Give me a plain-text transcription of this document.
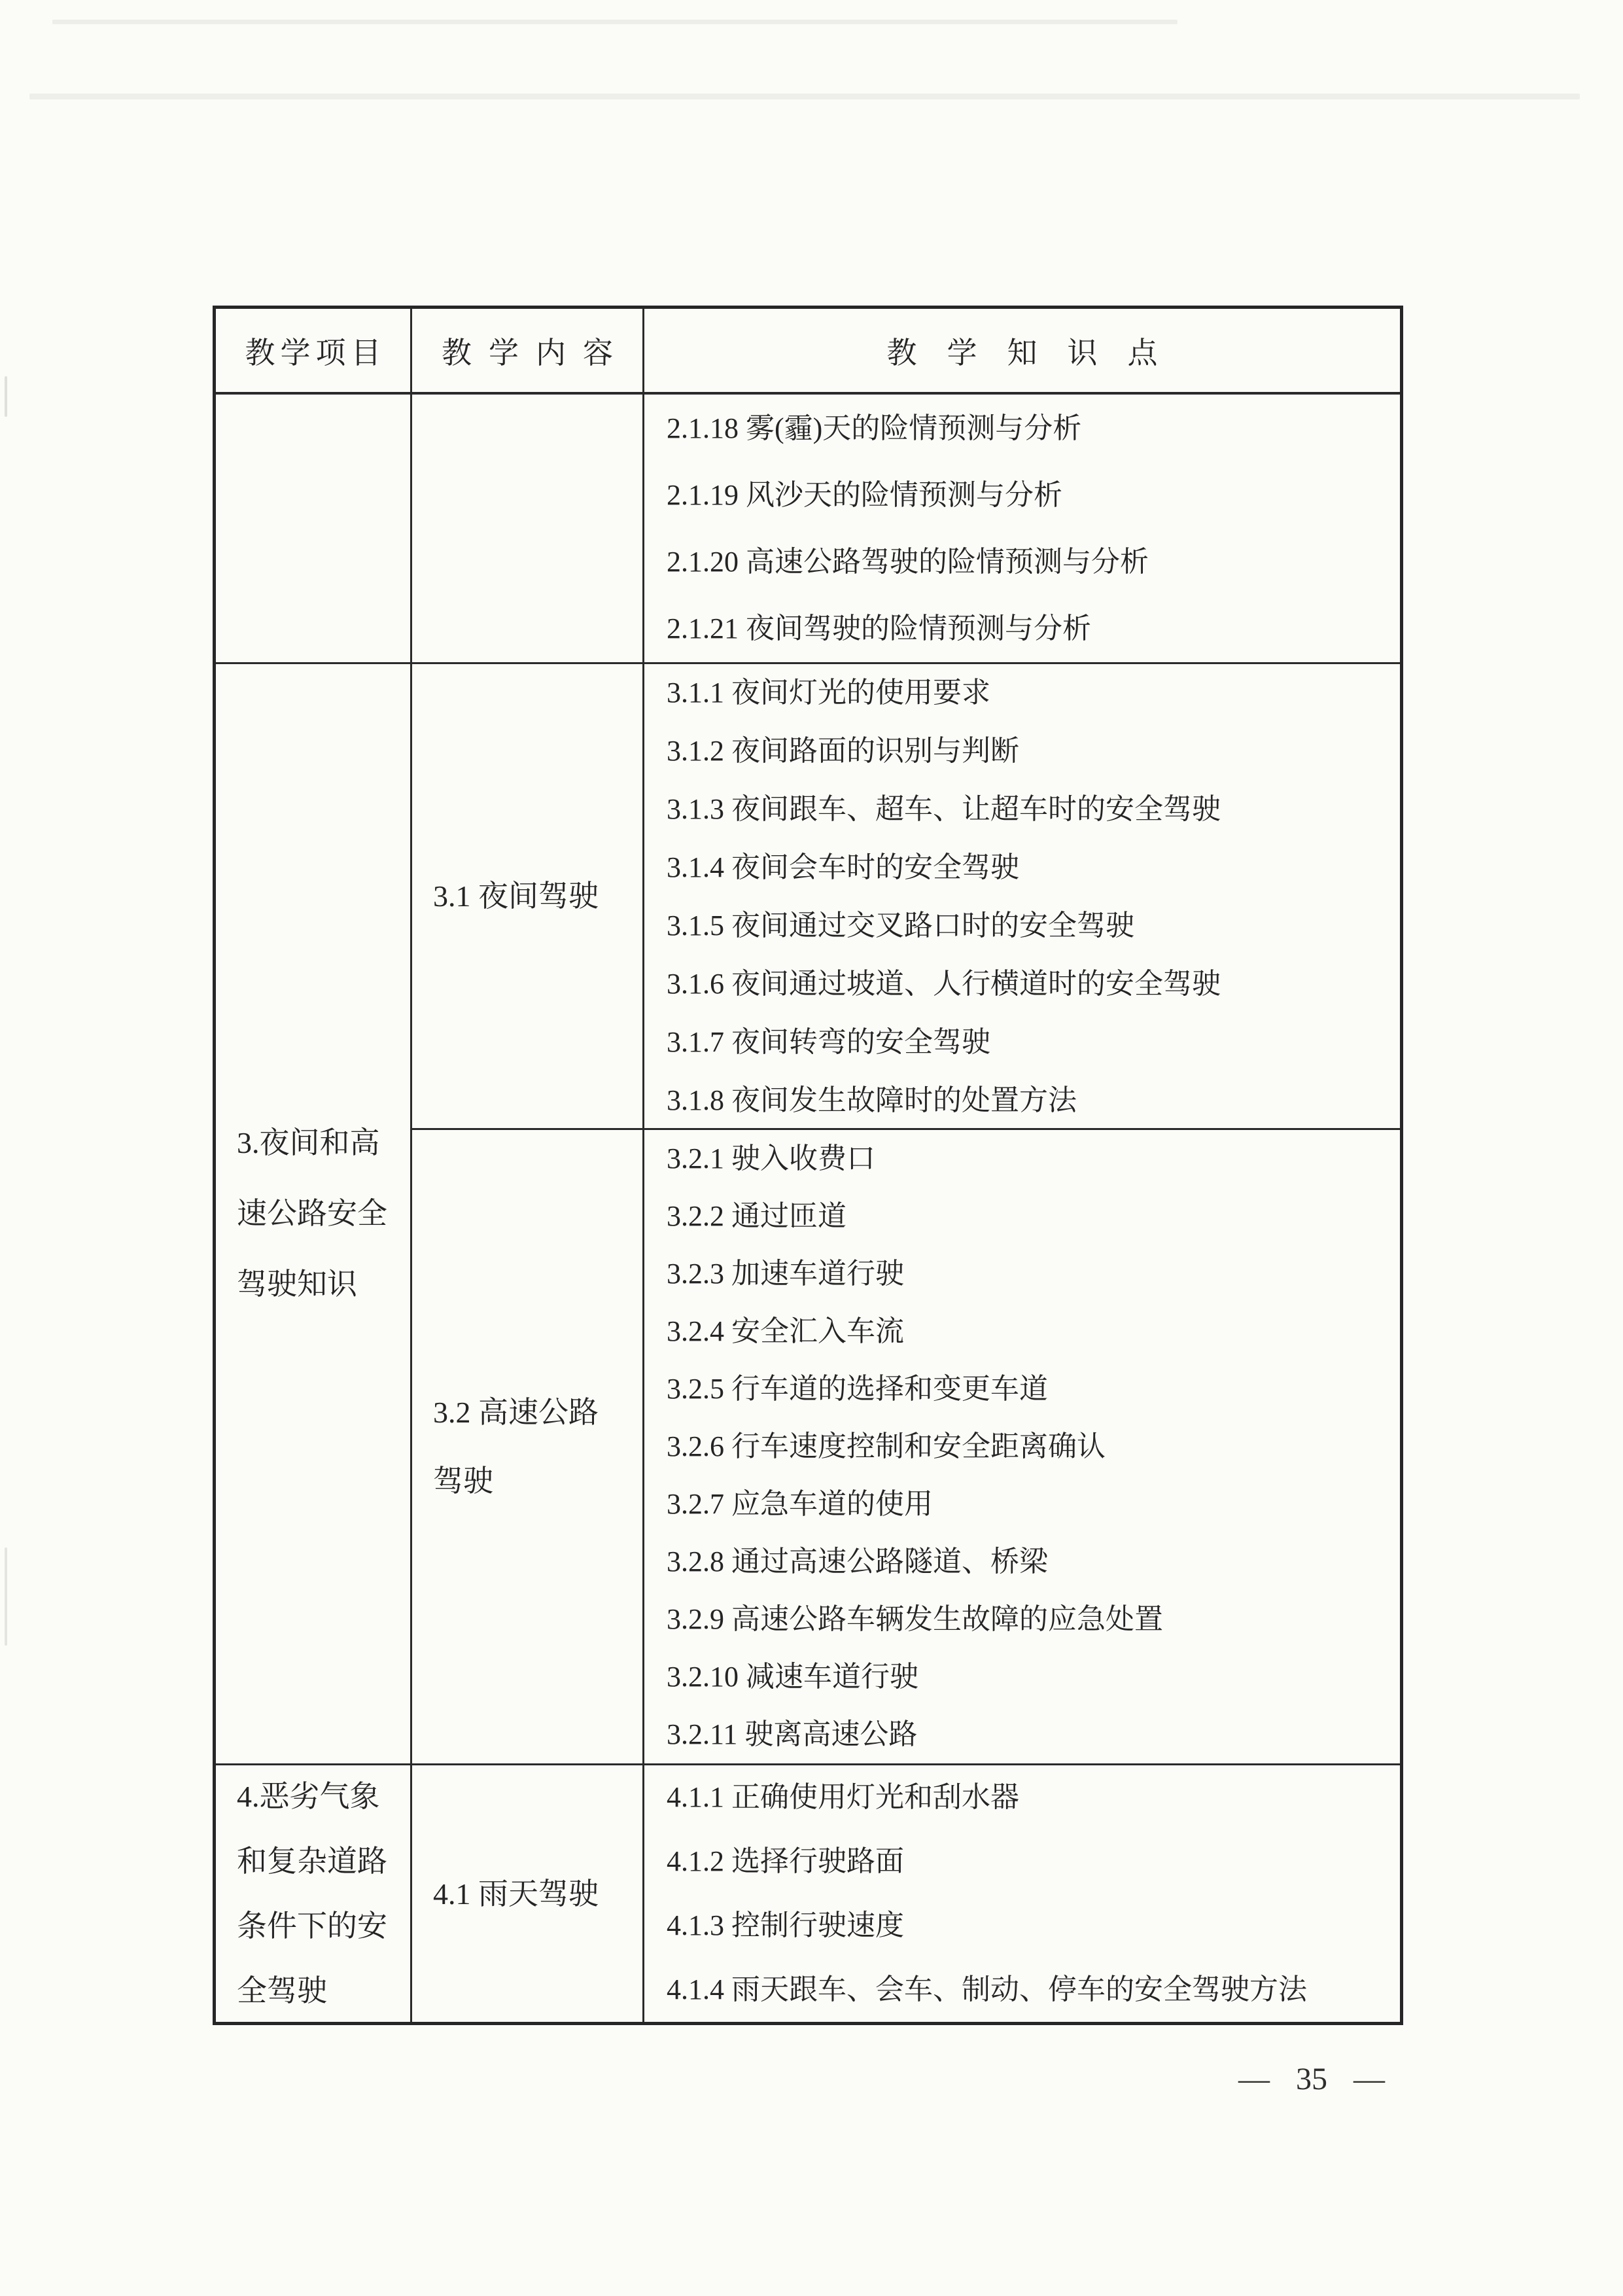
教学项目	教学内容	教学知识点
2.1.18 雾(霾)天的险情预测与分析
2.1.19 风沙天的险情预测与分析
2.1.20 高速公路驾驶的险情预测与分析
2.1.21 夜间驾驶的险情预测与分析
3.夜间和高
速公路安全
驾驶知识
3.1 夜间驾驶
3.1.1 夜间灯光的使用要求
3.1.2 夜间路面的识别与判断
3.1.3 夜间跟车、超车、让超车时的安全驾驶
3.1.4 夜间会车时的安全驾驶
3.1.5 夜间通过交叉路口时的安全驾驶
3.1.6 夜间通过坡道、人行横道时的安全驾驶
3.1.7 夜间转弯的安全驾驶
3.1.8 夜间发生故障时的处置方法
3.2 高速公路
驾驶
3.2.1 驶入收费口
3.2.2 通过匝道
3.2.3 加速车道行驶
3.2.4 安全汇入车流
3.2.5 行车道的选择和变更车道
3.2.6 行车速度控制和安全距离确认
3.2.7 应急车道的使用
3.2.8 通过高速公路隧道、桥梁
3.2.9 高速公路车辆发生故障的应急处置
3.2.10 减速车道行驶
3.2.11 驶离高速公路
4.恶劣气象
和复杂道路
条件下的安
全驾驶
4.1 雨天驾驶
4.1.1 正确使用灯光和刮水器
4.1.2 选择行驶路面
4.1.3 控制行驶速度
4.1.4 雨天跟车、会车、制动、停车的安全驾驶方法
— 35 —
